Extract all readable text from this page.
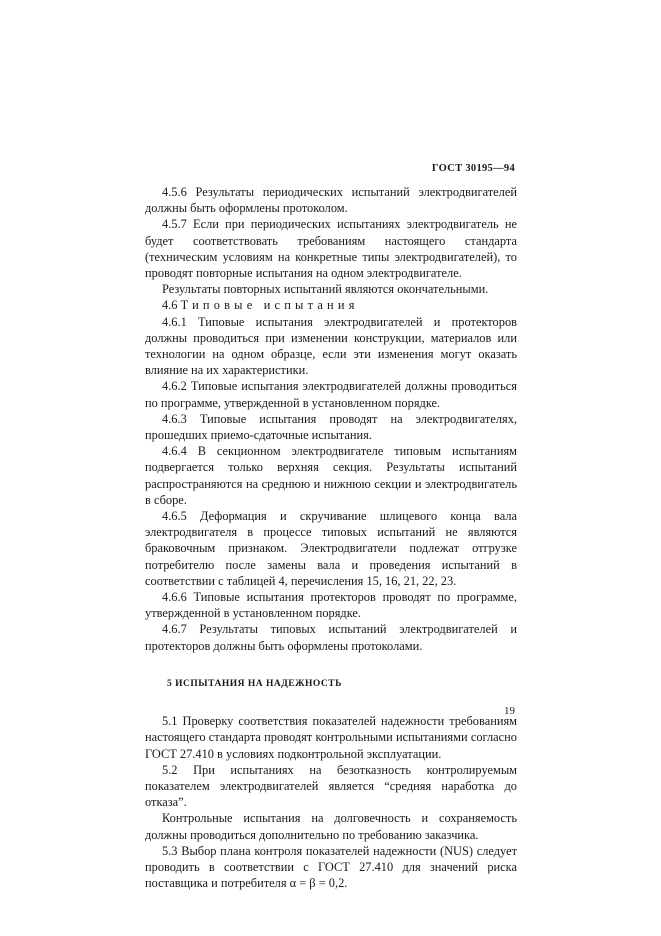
ГОСТ 30195—94

4.5.6 Результаты периодических испытаний электродвигателей должны быть оформлены протоколом.

4.5.7 Если при периодических испытаниях электродвигатель не будет соответствовать требованиям настоящего стандарта (техническим условиям на конкретные типы электродвигателей), то проводят повторные испытания на одном электродвигателе.

Результаты повторных испытаний являются окончательными.

4.6 Типовые испытания

4.6.1 Типовые испытания электродвигателей и протекторов должны проводиться при изменении конструкции, материалов или технологии на одном образце, если эти изменения могут оказать влияние на их характеристики.

4.6.2 Типовые испытания электродвигателей должны проводиться по программе, утвержденной в установленном порядке.

4.6.3 Типовые испытания проводят на электродвигателях, прошедших приемо-сдаточные испытания.

4.6.4 В секционном электродвигателе типовым испытаниям подвергается только верхняя секция. Результаты испытаний распространяются на среднюю и нижнюю секции и электродвигатель в сборе.

4.6.5 Деформация и скручивание шлицевого конца вала электродвигателя в процессе типовых испытаний не являются браковочным признаком. Электродвигатели подлежат отгрузке потребителю после замены вала и проведения испытаний в соответствии с таблицей 4, перечисления 15, 16, 21, 22, 23.

4.6.6 Типовые испытания протекторов проводят по программе, утвержденной в установленном порядке.

4.6.7 Результаты типовых испытаний электродвигателей и протекторов должны быть оформлены протоколами.

5 ИСПЫТАНИЯ НА НАДЕЖНОСТЬ

5.1 Проверку соответствия показателей надежности требованиям настоящего стандарта проводят контрольными испытаниями согласно ГОСТ 27.410 в условиях подконтрольной эксплуатации.

5.2 При испытаниях на безотказность контролируемым показателем электродвигателей является “средняя наработка до отказа”.

Контрольные испытания на долговечность и сохраняемость должны проводиться дополнительно по требованию заказчика.

5.3 Выбор плана контроля показателей надежности (NUS) следует проводить в соответствии с ГОСТ 27.410 для значений риска поставщика и потребителя α = β = 0,2.

19
